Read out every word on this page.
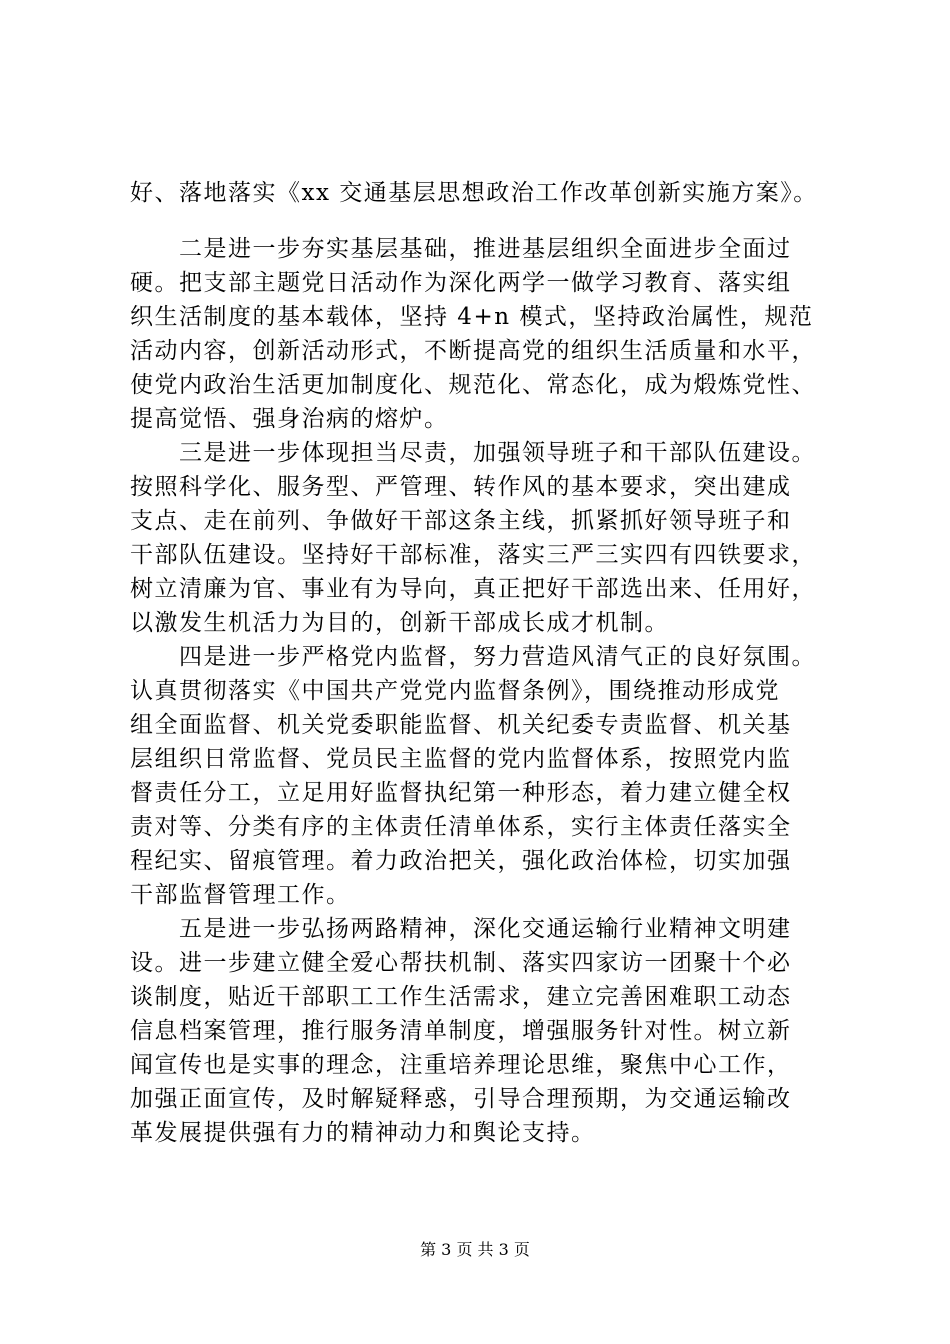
好、落地落实《xx 交通基层思想政治工作改革创新实施方案》。
　　二是进一步夯实基层基础，推进基层组织全面进步全面过
硬。把支部主题党日活动作为深化两学一做学习教育、落实组
织生活制度的基本载体，坚持 4+n 模式，坚持政治属性，规范
活动内容，创新活动形式，不断提高党的组织生活质量和水平，
使党内政治生活更加制度化、规范化、常态化，成为煅炼党性、
提高觉悟、强身治病的熔炉。
　　三是进一步体现担当尽责，加强领导班子和干部队伍建设。
按照科学化、服务型、严管理、转作风的基本要求，突出建成
支点、走在前列、争做好干部这条主线，抓紧抓好领导班子和
干部队伍建设。坚持好干部标准，落实三严三实四有四铁要求，
树立清廉为官、事业有为导向，真正把好干部选出来、任用好，
以激发生机活力为目的，创新干部成长成才机制。
　　四是进一步严格党内监督，努力营造风清气正的良好氛围。
认真贯彻落实《中国共产党党内监督条例》，围绕推动形成党
组全面监督、机关党委职能监督、机关纪委专责监督、机关基
层组织日常监督、党员民主监督的党内监督体系，按照党内监
督责任分工，立足用好监督执纪第一种形态，着力建立健全权
责对等、分类有序的主体责任清单体系，实行主体责任落实全
程纪实、留痕管理。着力政治把关，强化政治体检，切实加强
干部监督管理工作。
　　五是进一步弘扬两路精神，深化交通运输行业精神文明建
设。进一步建立健全爱心帮扶机制、落实四家访一团聚十个必
谈制度，贴近干部职工工作生活需求，建立完善困难职工动态
信息档案管理，推行服务清单制度，增强服务针对性。树立新
闻宣传也是实事的理念，注重培养理论思维，聚焦中心工作，
加强正面宣传，及时解疑释惑，引导合理预期，为交通运输改
革发展提供强有力的精神动力和舆论支持。
第 3 页 共 3 页
